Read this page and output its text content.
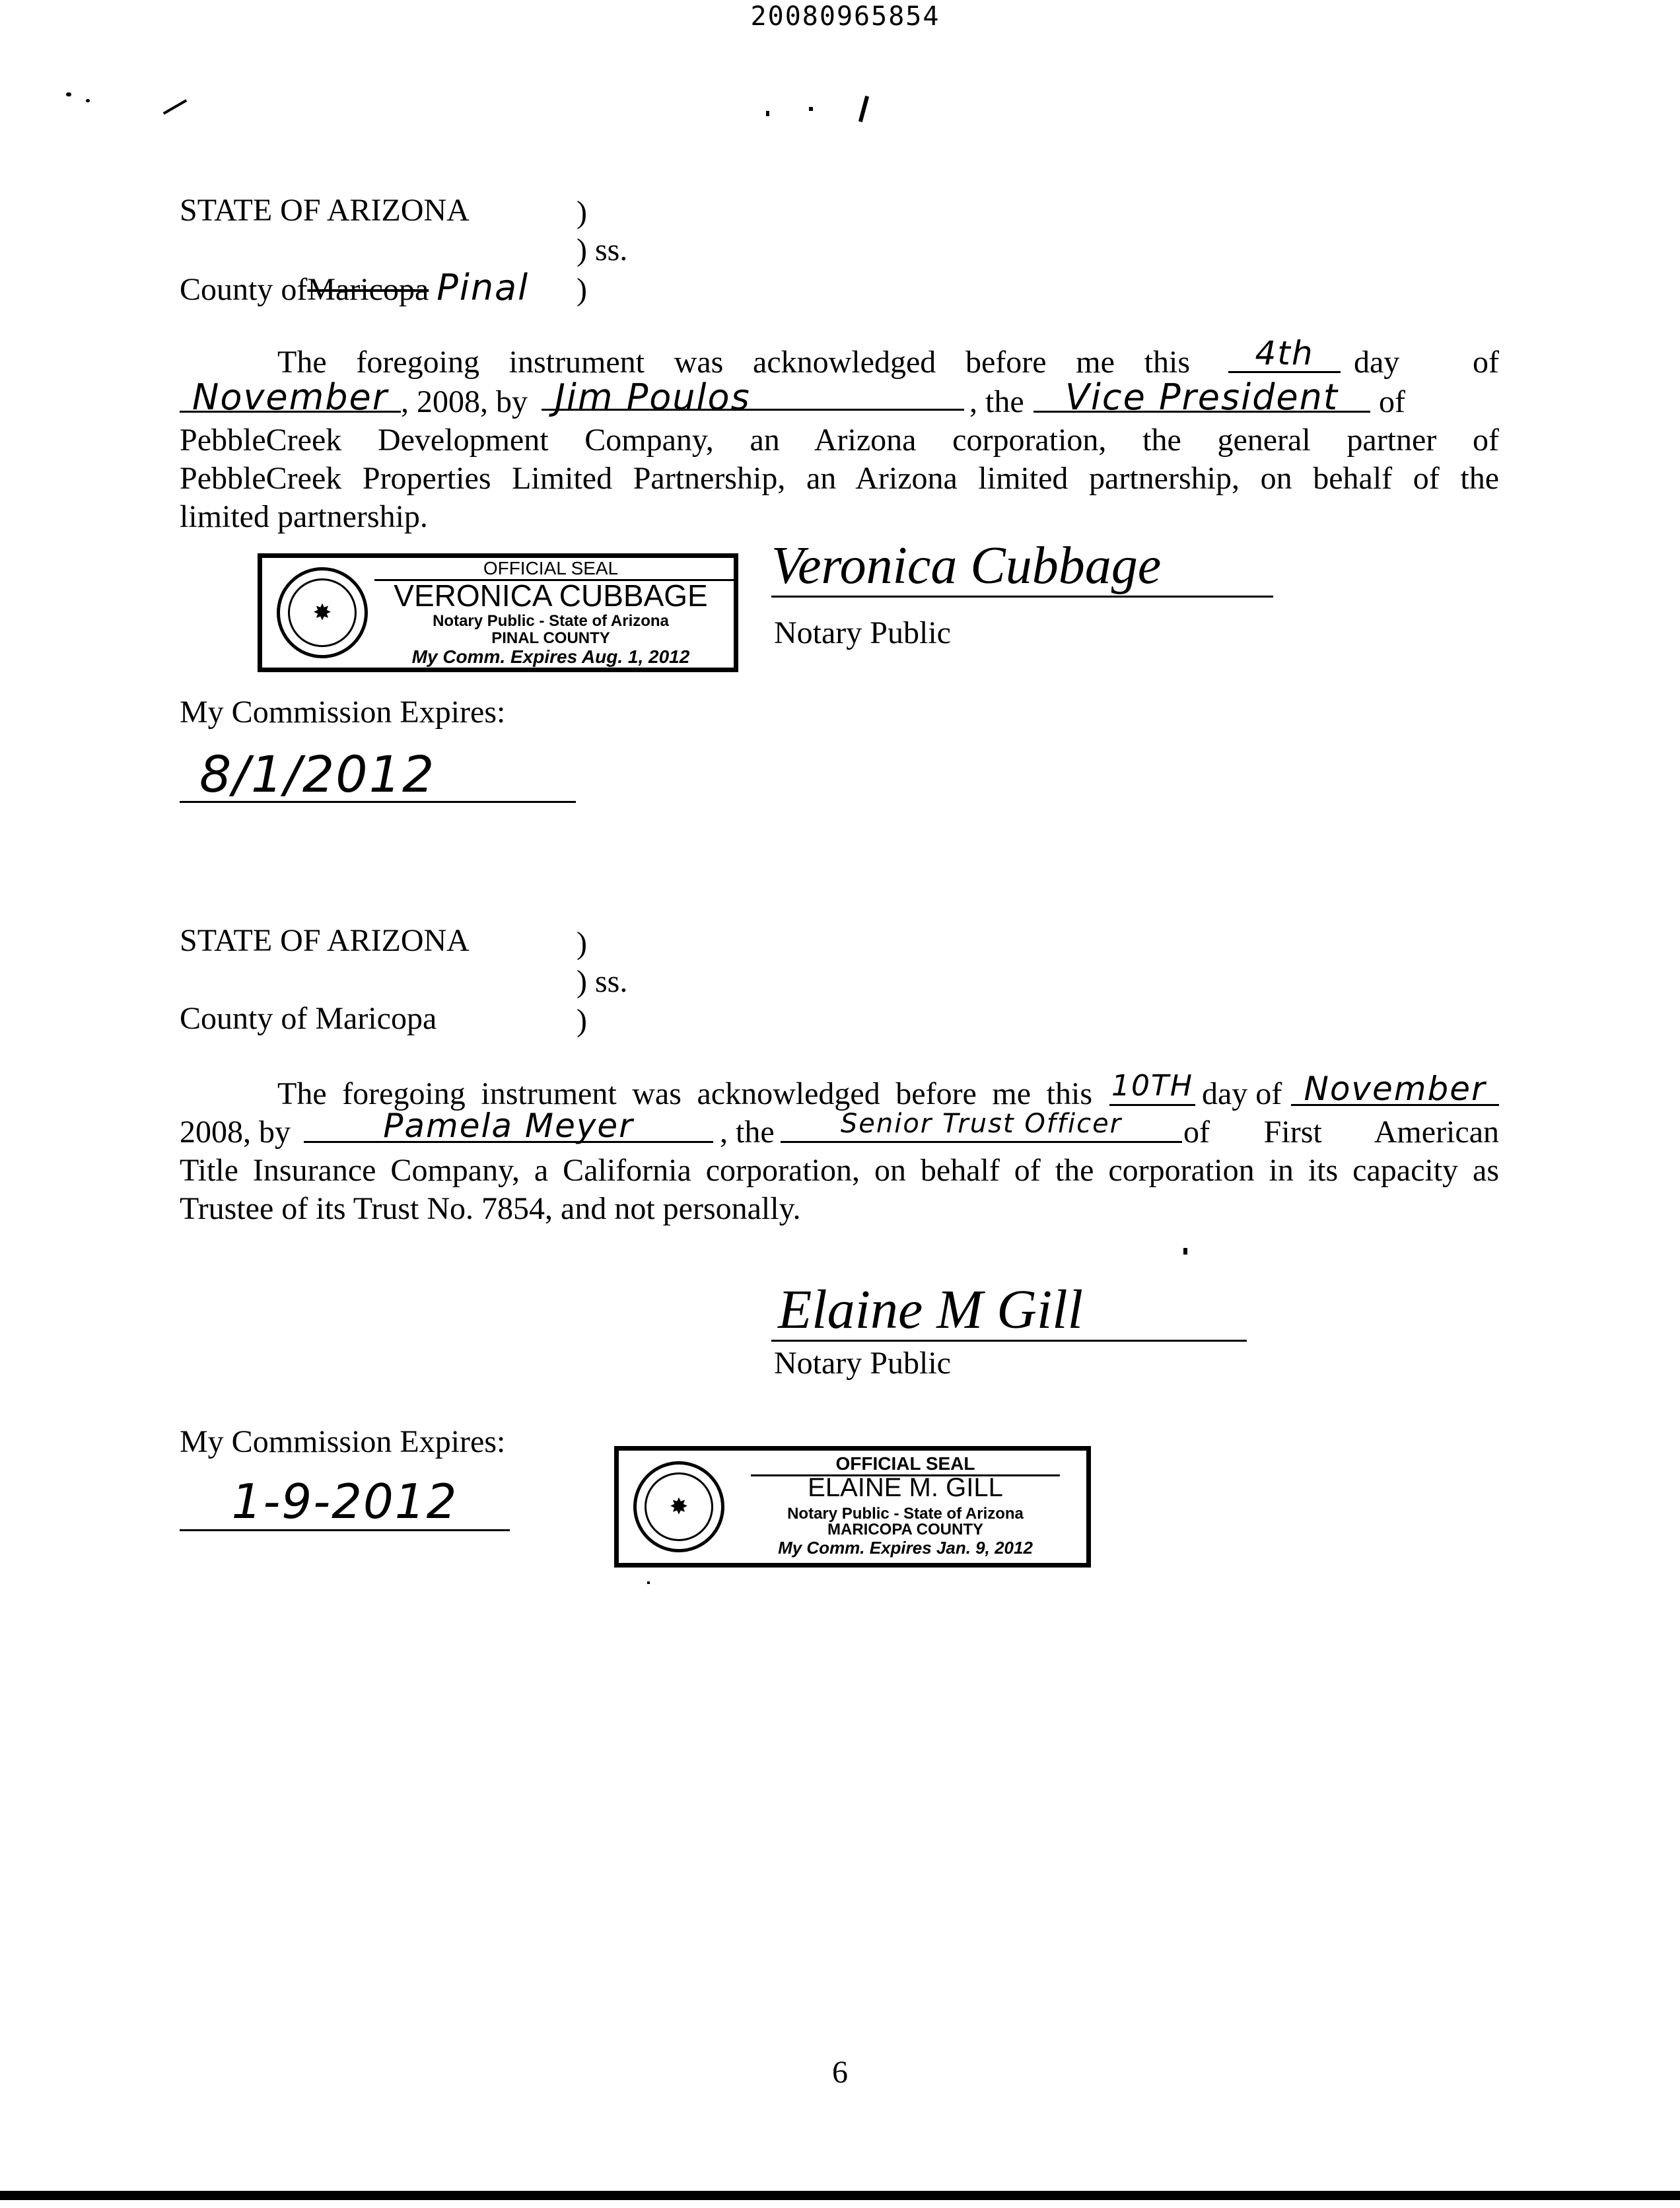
20080965854
STATE OF ARIZONA	)
) ss.
County ofMaricopa Pinal )
The foregoing instrument was acknowledged before me this	4th	day of
November , 2008, by Jim Poulos	, the	Vice President	of
PebbleCreek Development Company, an Arizona corporation, the general partner of
PebbleCreek Properties Limited Partnership, an Arizona limited partnership, on behalf of the
limited partnership.
✸
OFFICIAL SEAL
VERONICA CUBBAGE
Notary Public - State of Arizona
PINAL COUNTY
My Comm. Expires Aug. 1, 2012
Veronica Cubbage
Notary Public
My Commission Expires:
8/1/2012
STATE OF ARIZONA	)
) ss.
County of Maricopa	)
The foregoing instrument was acknowledged before me this 10TH day of November
2008, by	Pamela Meyer	, the	Senior Trust Officer	of First American
Title Insurance Company, a California corporation, on behalf of the corporation in its capacity as
Trustee of its Trust No. 7854, and not personally.
Elaine M Gill
Notary Public
My Commission Expires:
1-9-2012	✸
OFFICIAL SEAL
ELAINE M. GILL
Notary Public - State of Arizona
MARICOPA COUNTY
My Comm. Expires Jan. 9, 2012
6
